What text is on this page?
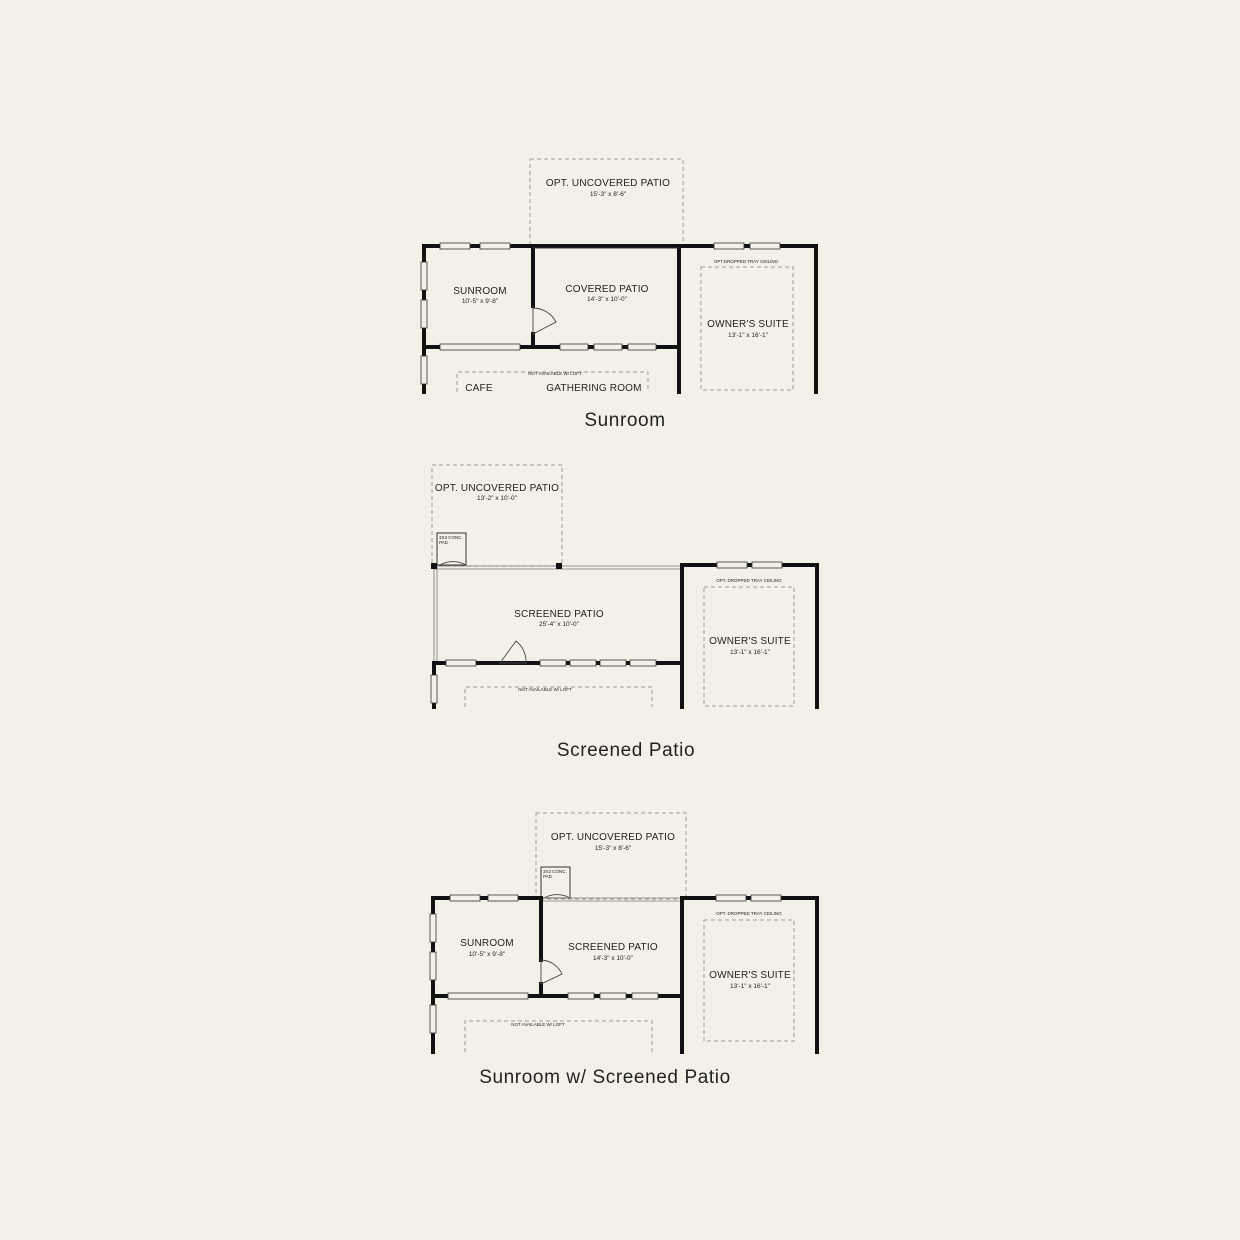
OPT. UNCOVERED PATIO
15'-3" x 8'-6"
OPT.DROPPED TRAY CEILING
NOT AVAILABLE W/ LOFT
SUNROOM
10'-5" x 9'-8"
COVERED PATIO
14'-3" x 10'-0"
OWNER'S SUITE
13'-1" x 16'-1"
CAFE	GATHERING ROOM
Sunroom
OPT. UNCOVERED PATIO
13'-2" x 10'-0"
3X3 CONC.
PAD
OPT. DROPPED TRAY CEILING
NOT AVAILABLE W/ LOFT
SCREENED PATIO
25'-4" x 10'-0"
OWNER'S SUITE
13'-1" x 16'-1"
Screened Patio
OPT. UNCOVERED PATIO
15'-3" x 8'-6"
3X3 CONC.
PAD
OPT. DROPPED TRAY CEILING
NOT AVAILABLE W/ LOFT
SUNROOM
10'-5" x 9'-8"
SCREENED PATIO
14'-3" x 10'-0"
OWNER'S SUITE
13'-1" x 16'-1"
Sunroom w/ Screened Patio
